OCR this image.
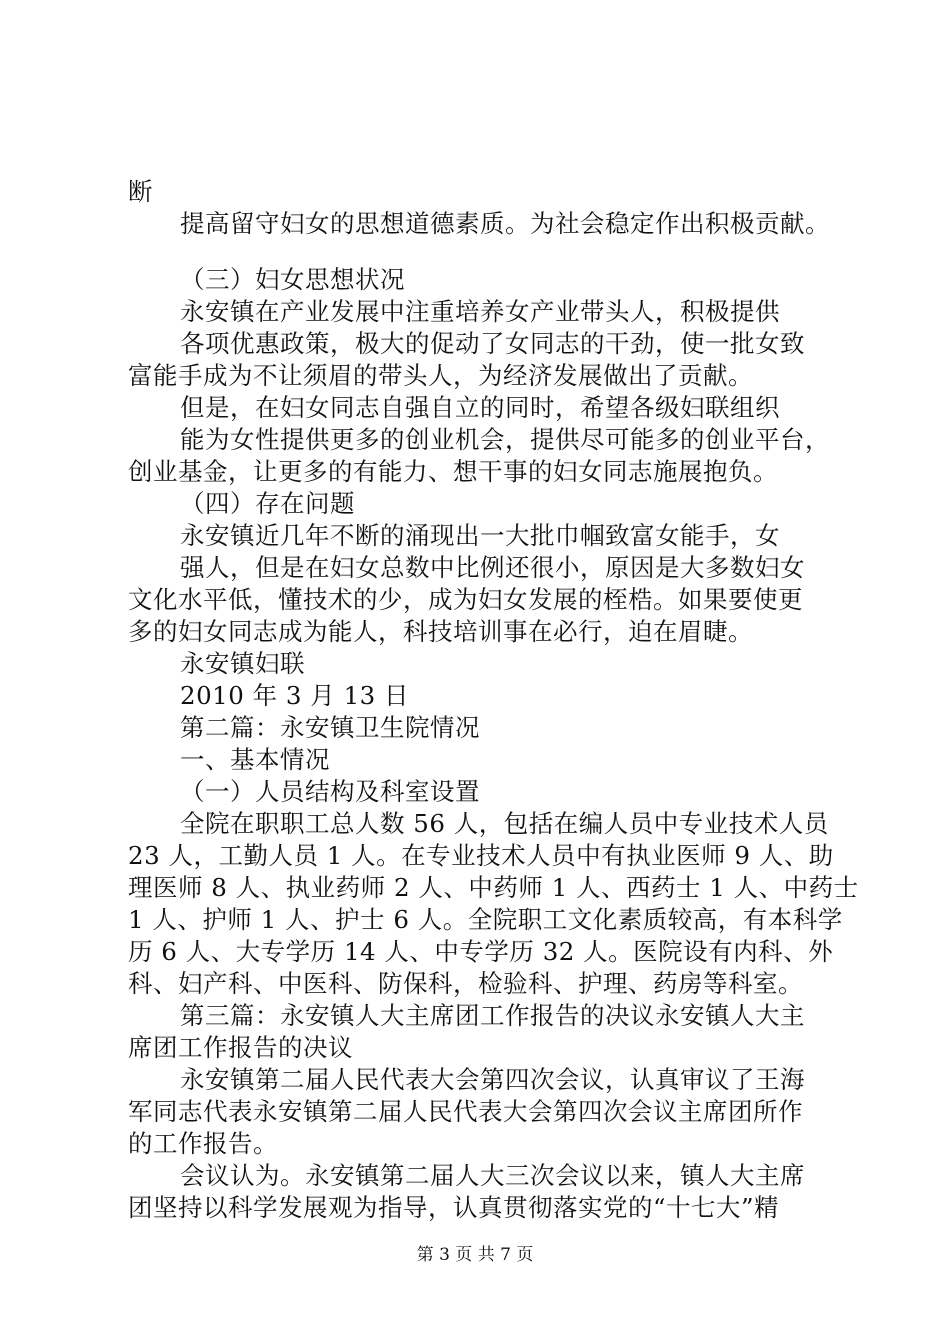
断
提高留守妇女的思想道德素质。为社会稳定作出积极贡献。
（三）妇女思想状况
永安镇在产业发展中注重培养女产业带头人，积极提供
各项优惠政策，极大的促动了女同志的干劲，使一批女致
富能手成为不让须眉的带头人，为经济发展做出了贡献。
但是，在妇女同志自强自立的同时，希望各级妇联组织
能为女性提供更多的创业机会，提供尽可能多的创业平台，
创业基金，让更多的有能力、想干事的妇女同志施展抱负。
（四）存在问题
永安镇近几年不断的涌现出一大批巾帼致富女能手，女
强人，但是在妇女总数中比例还很小，原因是大多数妇女
文化水平低，懂技术的少，成为妇女发展的桎梏。如果要使更
多的妇女同志成为能人，科技培训事在必行，迫在眉睫。
永安镇妇联
2010 年 3 月 13 日
第二篇：永安镇卫生院情况
一、基本情况
（一）人员结构及科室设置
全院在职职工总人数 56 人，包括在编人员中专业技术人员
23 人，工勤人员 1 人。在专业技术人员中有执业医师 9 人、助
理医师 8 人、执业药师 2 人、中药师 1 人、西药士 1 人、中药士
1 人、护师 1 人、护士 6 人。全院职工文化素质较高，有本科学
历 6 人、大专学历 14 人、中专学历 32 人。医院设有内科、外
科、妇产科、中医科、防保科，检验科、护理、药房等科室。
第三篇：永安镇人大主席团工作报告的决议永安镇人大主
席团工作报告的决议
永安镇第二届人民代表大会第四次会议，认真审议了王海
军同志代表永安镇第二届人民代表大会第四次会议主席团所作
的工作报告。
会议认为。永安镇第二届人大三次会议以来，镇人大主席
团坚持以科学发展观为指导，认真贯彻落实党的“十七大”精
第 3 页 共 7 页
